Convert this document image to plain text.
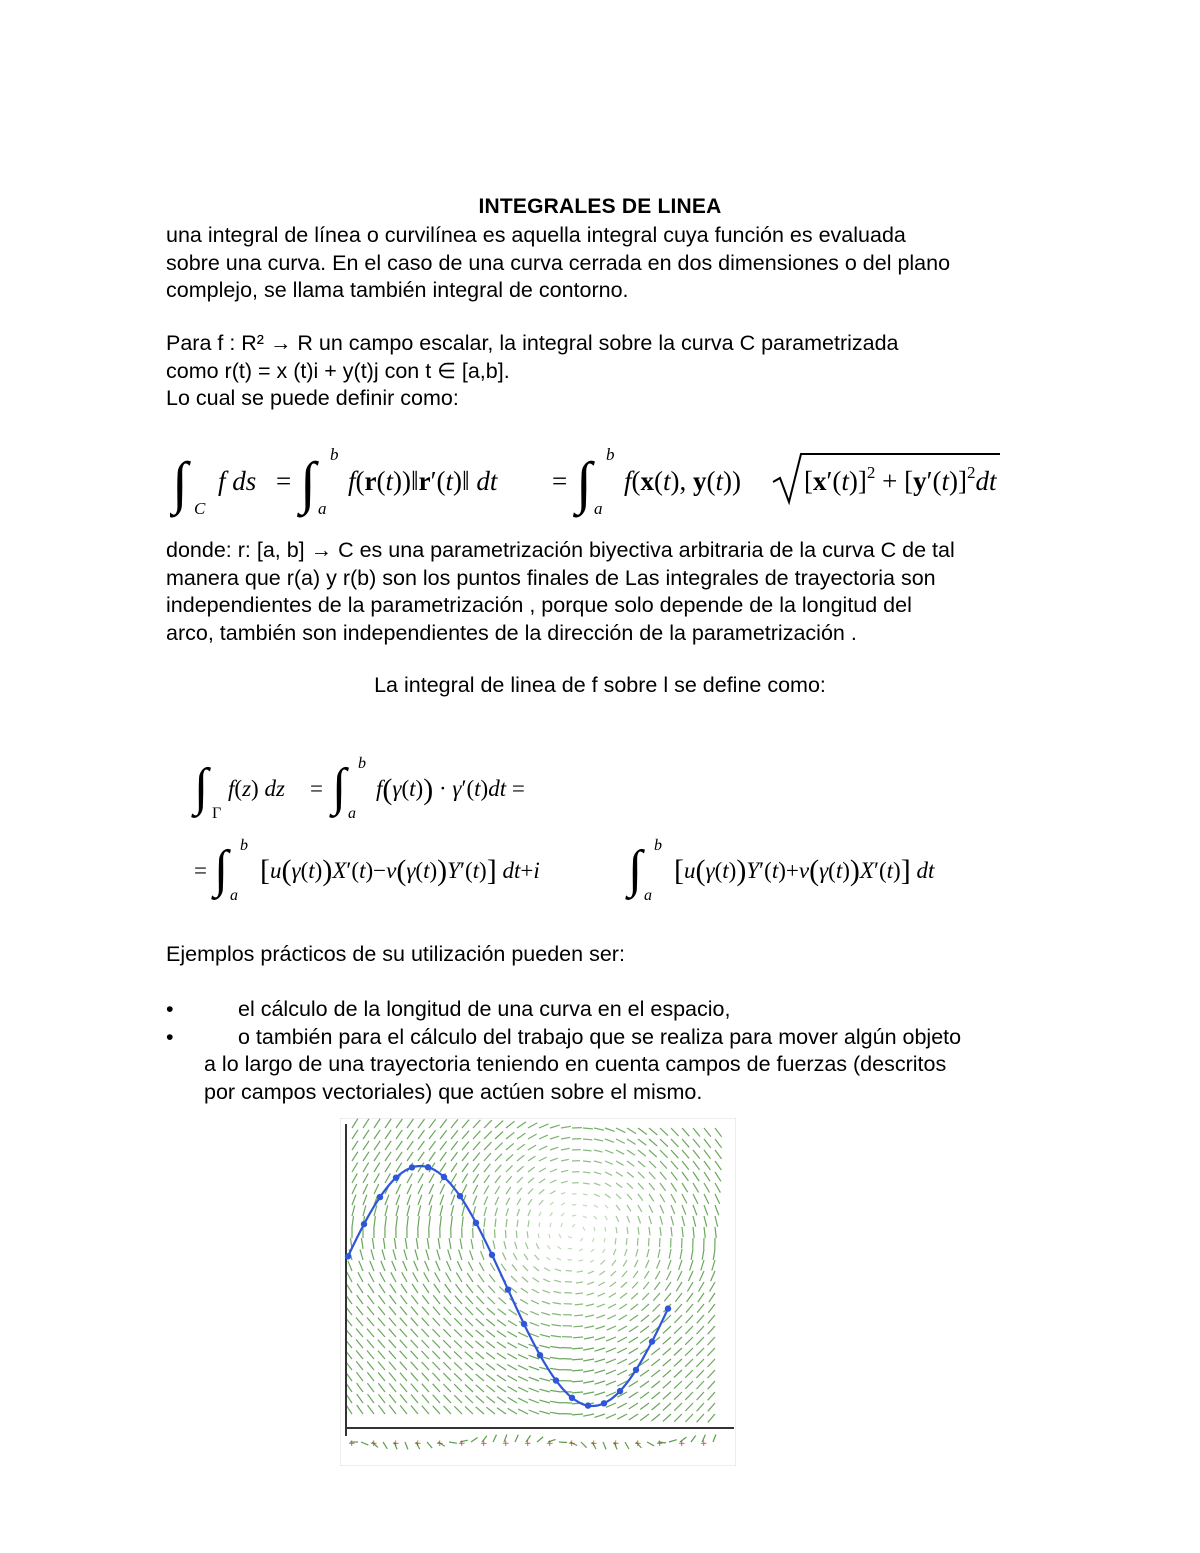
INTEGRALES DE LINEA
una integral de línea o curvilínea es aquella integral cuya función es evaluada
sobre una curva. En el caso de una curva cerrada en dos dimensiones o del plano
complejo, se llama también integral de contorno.
Para f : R² → R un campo escalar, la integral sobre la curva C parametrizada
como r(t) = x (t)i + y(t)j con t ∈ [a,b].
Lo cual se puede definir como:
∫ C
f ds = ∫ b
a
f(r(t))‖r′(t)‖ dt = ∫ b
a
f(x(t), y(t)) $[x'(t)]^2 + [y'(t)]^2dt$
donde: r: [a, b] → C es una parametrización biyectiva arbitraria de la curva C de tal
manera que r(a) y r(b) son los puntos finales de Las integrales de trayectoria son
independientes de la parametrización , porque solo depende de la longitud del
arco, también son independientes de la dirección de la parametrización .
La integral de linea de f sobre l se define como:
∫ Γ
f(z) dz = ∫ b
a
f(γ(t)) · γ′(t)dt =
= ∫ b
a
[u(γ(t))X′(t)−v(γ(t))Y′(t)] dt+i ∫ b
a
[u(γ(t))Y′(t)+v(γ(t))X′(t)] dt
Ejemplos prácticos de su utilización pueden ser:
•	el cálculo de la longitud de una curva en el espacio,
•	o también para el cálculo del trabajo que se realiza para mover algún objeto
a lo largo de una trayectoria teniendo en cuenta campos de fuerzas (descritos
por campos vectoriales) que actúen sobre el mismo.
+ + + + + + + + + + + + + + + + +
